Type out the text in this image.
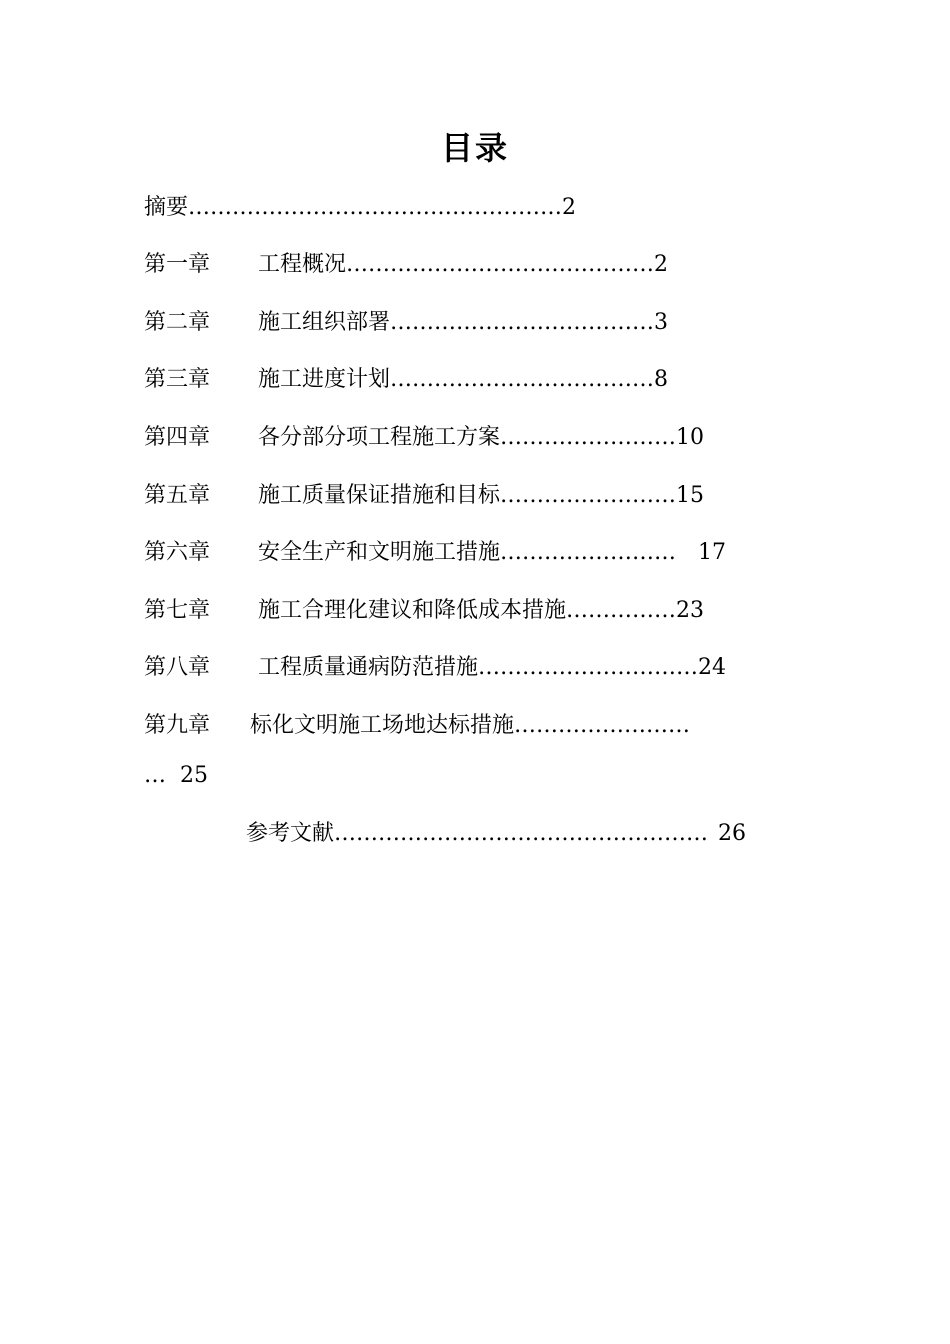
目录
摘要……………………………………………2
第一章 工程概况……………………………………2
第二章 施工组织部署………………………………3
第三章 施工进度计划………………………………8
第四章 各分部分项工程施工方案……………………10
第五章 施工质量保证措施和目标……………………15
第六章 安全生产和文明施工措施…………………… 17
第七章 施工合理化建议和降低成本措施……………23
第八章 工程质量通病防范措施…………………………24
第九章 标化文明施工场地达标措施……………………
… 25
参考文献…………………………………………… 26
